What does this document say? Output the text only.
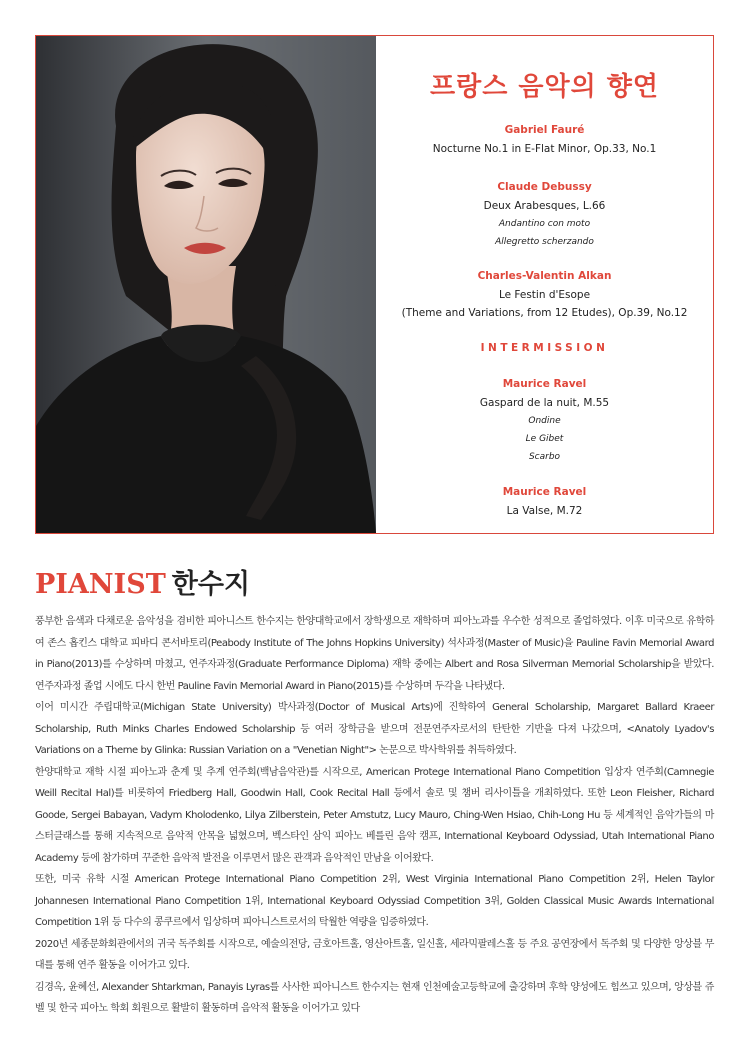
프랑스 음악의 향연
Gabriel Fauré
Nocturne No.1 in E-Flat Minor, Op.33, No.1
Claude Debussy
Deux Arabesques, L.66
Andantino con moto
Allegretto scherzando
Charles-Valentin Alkan
Le Festin d'Esope
(Theme and Variations, from 12 Etudes), Op.39, No.12
INTERMISSION
Maurice Ravel
Gaspard de la nuit, M.55
Ondine
Le Gibet
Scarbo
Maurice Ravel
La Valse, M.72
PIANIST 한수지

풍부한 음색과 다채로운 음악성을 겸비한 피아니스트 한수지는 한양대학교에서 장학생으로 재학하며 피아노과를 우수한 성적으로 졸업하였다. 이후 미국으로 유학하여 존스 홉킨스 대학교 피바디 콘서바토리(Peabody Institute of The Johns Hopkins University) 석사과정(Master of Music)을 Pauline Favin Memorial Award in Piano(2013)를 수상하며 마쳤고, 연주자과정(Graduate Performance Diploma) 재학 중에는 Albert and Rosa Silverman Memorial Scholarship을 받았다. 연주자과정 졸업 시에도 다시 한번 Pauline Favin Memorial Award in Piano(2015)를 수상하며 두각을 나타냈다.

이어 미시간 주립대학교(Michigan State University) 박사과정(Doctor of Musical Arts)에 진학하여 General Scholarship, Margaret Ballard Kraeer Scholarship, Ruth Minks Charles Endowed Scholarship 등 여러 장학금을 받으며 전문연주자로서의 탄탄한 기반을 다져 나갔으며, <Anatoly Lyadov's Variations on a Theme by Glinka: Russian Variation on a "Venetian Night"> 논문으로 박사학위를 취득하였다.

한양대학교 재학 시절 피아노과 춘계 및 추계 연주회(백남음악관)를 시작으로, American Protege International Piano Competition 입상자 연주회(Camnegie Weill Recital Hal)를 비롯하여 Friedberg Hall, Goodwin Hall, Cook Recital Hall 등에서 솔로 및 챔버 리사이틀을 개최하였다. 또한 Leon Fleisher, Richard Goode, Sergei Babayan, Vadym Kholodenko, Lilya Zilberstein, Peter Amstutz, Lucy Mauro, Ching-Wen Hsiao, Chih-Long Hu 등 세계적인 음악가들의 마스터클래스를 통해 지속적으로 음악적 안목을 넓혔으며, 벡스타인 삼익 피아노 베를린 음악 캠프, International Keyboard Odyssiad, Utah International Piano Academy 등에 참가하며 꾸준한 음악적 발전을 이루면서 많은 관객과 음악적인 만남을 이어왔다.

또한, 미국 유학 시절 American Protege International Piano Competition 2위, West Virginia International Piano Competition 2위, Helen Taylor Johannesen International Piano Competition 1위, International Keyboard Odyssiad Competition 3위, Golden Classical Music Awards International Competition 1위 등 다수의 콩쿠르에서 입상하며 피아니스트로서의 탁월한 역량을 입증하였다.

2020년 세종문화회관에서의 귀국 독주회를 시작으로, 예술의전당, 금호아트홀, 영산아트홀, 일신홀, 세라믹팔레스홀 등 주요 공연장에서 독주회 및 다양한 앙상블 무대를 통해 연주 활동을 이어가고 있다.

김경옥, 윤혜선, Alexander Shtarkman, Panayis Lyras를 사사한 피아니스트 한수지는 현재 인천예술고등학교에 출강하며 후학 양성에도 힘쓰고 있으며, 앙상블 쥬벨 및 한국 피아노 학회 회원으로 활발히 활동하며 음악적 활동을 이어가고 있다
